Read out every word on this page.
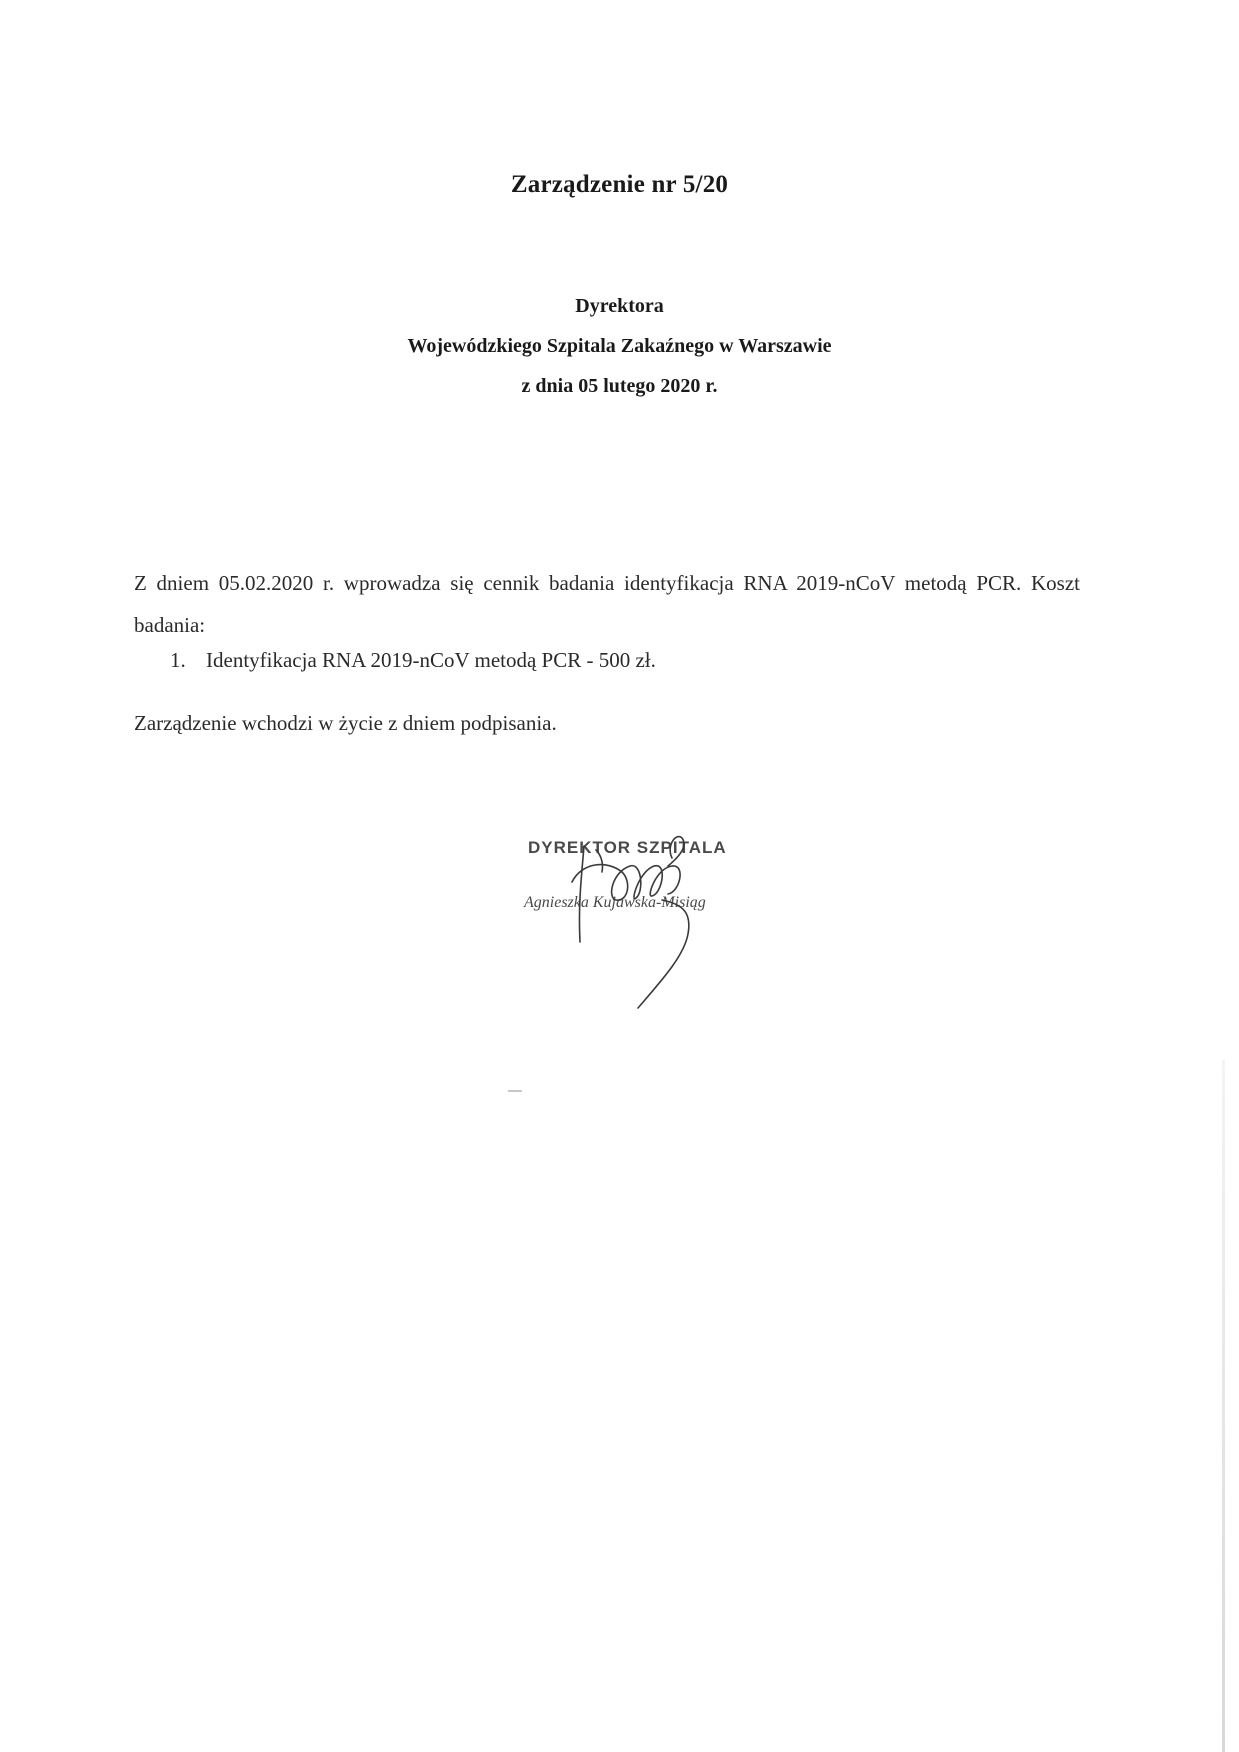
Zarządzenie nr 5/20
Dyrektora
Wojewódzkiego Szpitala Zakaźnego w Warszawie
z dnia 05 lutego 2020 r.
Z dniem 05.02.2020 r. wprowadza się cennik badania identyfikacja RNA 2019-nCoV metodą PCR. Koszt badania:
1. Identyfikacja RNA 2019-nCoV metodą PCR - 500 zł.
Zarządzenie wchodzi w życie z dniem podpisania.
DYREKTOR SZPITALA
Agnieszka Kujawska-Misiąg
